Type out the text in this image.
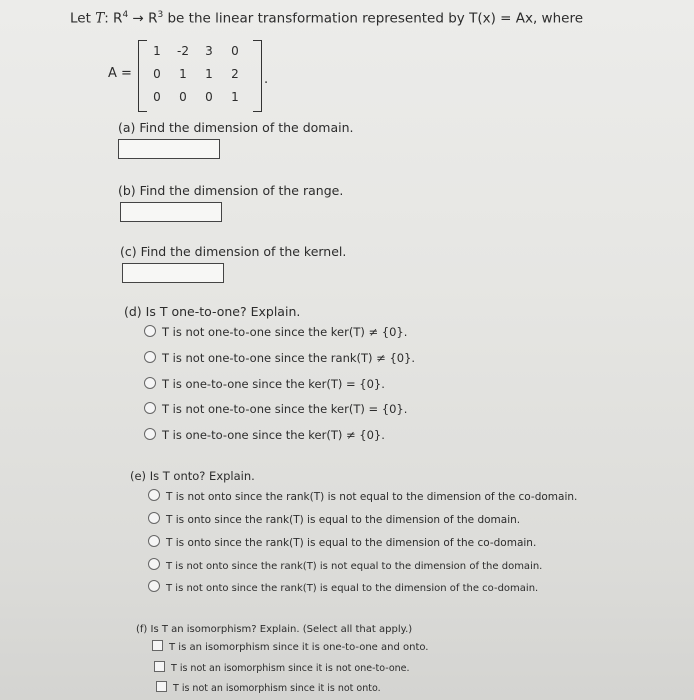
Let T: $R^4 \to R^3$ be the linear transformation represented by T(x) = Ax, where
A =
1	-2	3	0
0	1	1	2
0	0	0	1
.
(a) Find the dimension of the domain.
(b) Find the dimension of the range.
(c) Find the dimension of the kernel.
(d) Is T one-to-one? Explain.
T is not one-to-one since the ker(T) ≠ {0}.
T is not one-to-one since the rank(T) ≠ {0}.
T is one-to-one since the ker(T) = {0}.
T is not one-to-one since the ker(T) = {0}.
T is one-to-one since the ker(T) ≠ {0}.
(e) Is T onto? Explain.
T is not onto since the rank(T) is not equal to the dimension of the co-domain.
T is onto since the rank(T) is equal to the dimension of the domain.
T is onto since the rank(T) is equal to the dimension of the co-domain.
T is not onto since the rank(T) is not equal to the dimension of the domain.
T is not onto since the rank(T) is equal to the dimension of the co-domain.
(f) Is T an isomorphism? Explain. (Select all that apply.)
T is an isomorphism since it is one-to-one and onto.
T is not an isomorphism since it is not one-to-one.
T is not an isomorphism since it is not onto.
